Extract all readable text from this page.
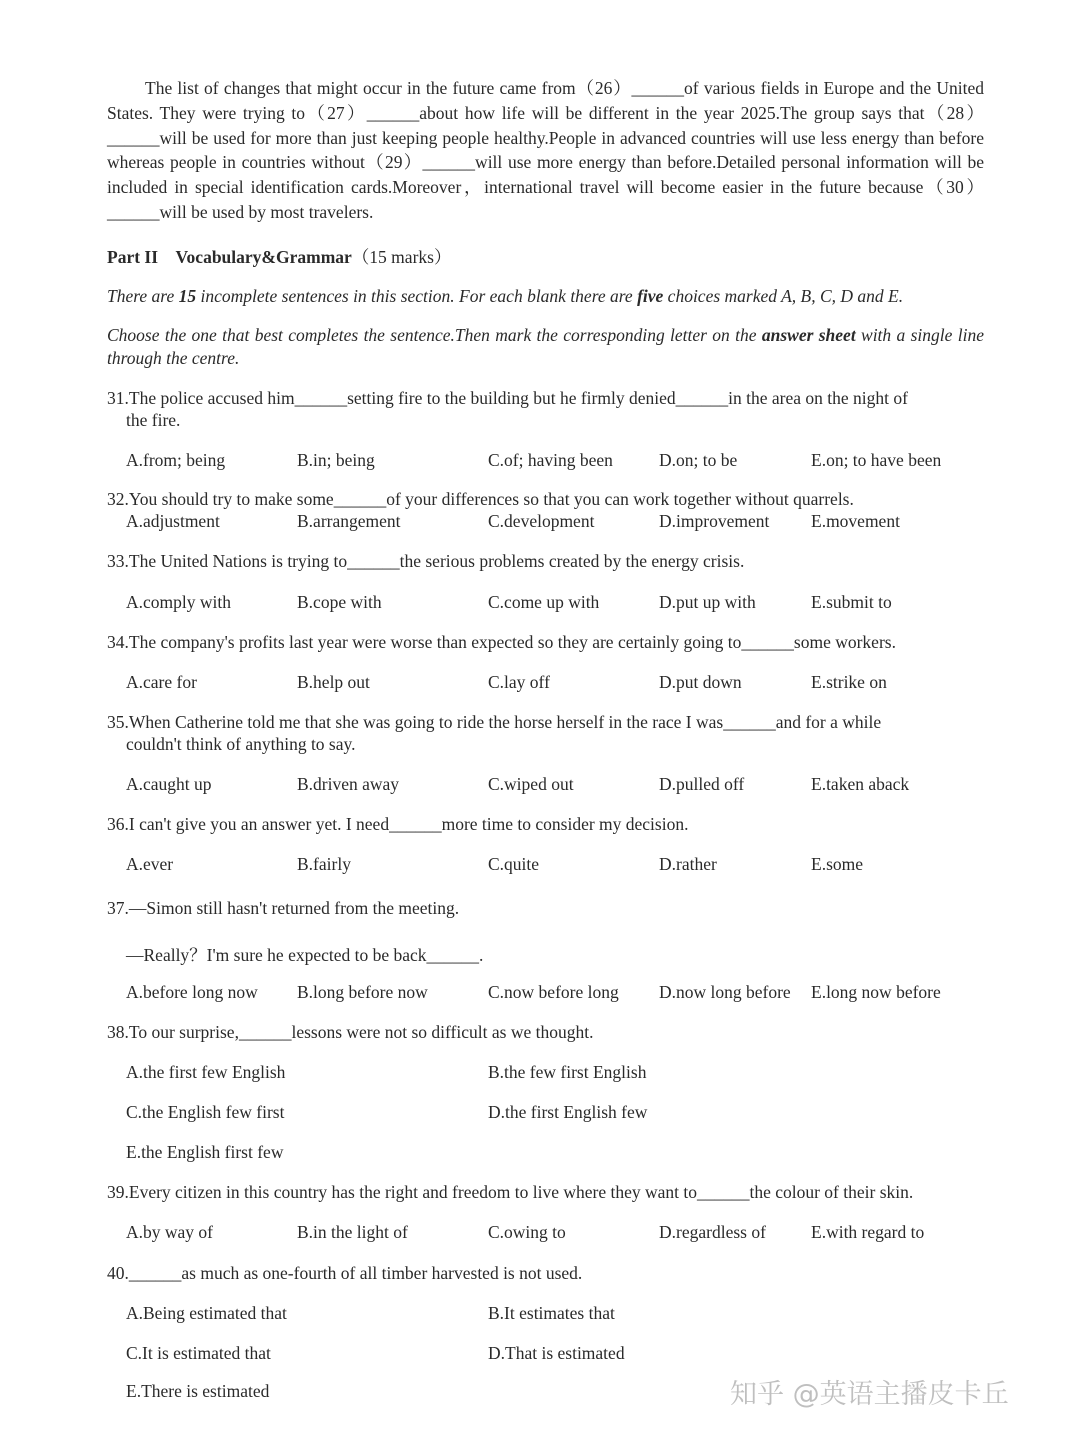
The list of changes that might occur in the future came from（26）______of various fields in Europe and the United States. They were trying to（27）______about how life will be different in the year 2025.The group says that（28）______will be used for more than just keeping people healthy.People in advanced countries will use less energy than before whereas people in countries without（29）______will use more energy than before.Detailed personal information will be included in special identification cards.Moreover，international travel will become easier in the future because（30）______will be used by most travelers.
Part II　Vocabulary&Grammar（15 marks）
There are 15 incomplete sentences in this section. For each blank there are five choices marked A, B, C, D and E.
Choose the one that best completes the sentence.Then mark the corresponding letter on the answer sheet with a single line through the centre.
31.The police accused him______setting fire to the building but he firmly denied______in the area on the night of
the fire.
A.from; being	B.in; being	C.of; having been	D.on; to be	E.on; to have been
32.You should try to make some______of your differences so that you can work together without quarrels.
A.adjustment	B.arrangement	C.development	D.improvement E.movement
33.The United Nations is trying to______the serious problems created by the energy crisis.
A.comply with	B.cope with	C.come up with	D.put up with	E.submit to
34.The company's profits last year were worse than expected so they are certainly going to______some workers.
A.care for	B.help out	C.lay off	D.put down	E.strike on
35.When Catherine told me that she was going to ride the horse herself in the race I was______and for a while
couldn't think of anything to say.
A.caught up	B.driven away	C.wiped out	D.pulled off	E.taken aback
36.I can't give you an answer yet. I need______more time to consider my decision.
A.ever	B.fairly	C.quite	D.rather	E.some
37.—Simon still hasn't returned from the meeting.
—Really？I'm sure he expected to be back______.
A.before long now B.long before now	C.now before long D.now long before E.long now before
38.To our surprise,______lessons were not so difficult as we thought.
A.the first few English	B.the few first English
C.the English few first	D.the first English few
E.the English first few
39.Every citizen in this country has the right and freedom to live where they want to______the colour of their skin.
A.by way of	B.in the light of	C.owing to	D.regardless of	E.with regard to
40.______as much as one-fourth of all timber harvested is not used.
A.Being estimated that	B.It estimates that
C.It is estimated that	D.That is estimated
E.There is estimated	知乎 @英语主播皮卡丘
